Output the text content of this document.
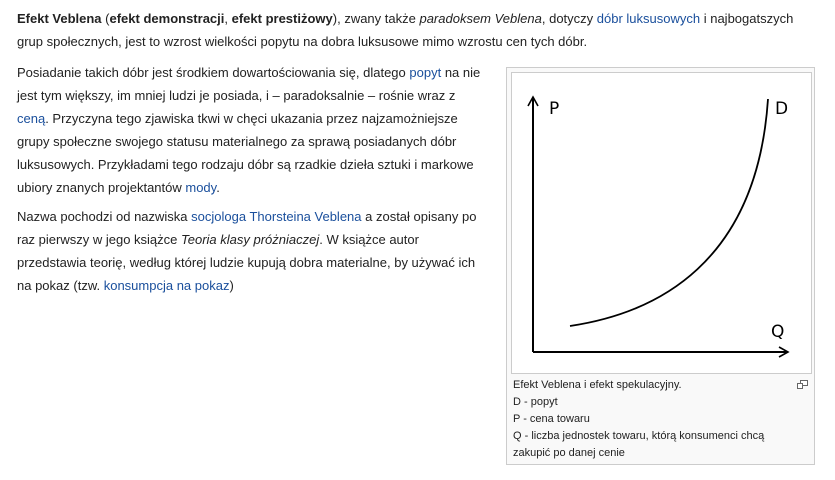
Efekt Veblena (efekt demonstracji, efekt prestiżowy), zwany także paradoksem Veblena, dotyczy dóbr luksusowych i najbogatszych grup społecznych, jest to wzrost wielkości popytu na dobra luksusowe mimo wzrostu cen tych dóbr.

Posiadanie takich dóbr jest środkiem dowartościowania się, dlatego popyt na nie jest tym większy, im mniej ludzi je posiada, i – paradoksalnie – rośnie wraz z ceną. Przyczyna tego zjawiska tkwi w chęci ukazania przez najzamożniejsze grupy społeczne swojego statusu materialnego za sprawą posiadanych dóbr luksusowych. Przykładami tego rodzaju dóbr są rzadkie dzieła sztuki i markowe ubiory znanych projektantów mody.

Nazwa pochodzi od nazwiska socjologa Thorsteina Veblena a został opisany po raz pierwszy w jego książce Teoria klasy próżniaczej. W książce autor przedstawia teorię, według której ludzie kupują dobra materialne, by używać ich na pokaz (tzw. konsumpcja na pokaz)

P	D
Q
Efekt Veblena i efekt spekulacyjny.
D - popyt
P - cena towaru
Q - liczba jednostek towaru, którą konsumenci chcą zakupić po danej cenie
